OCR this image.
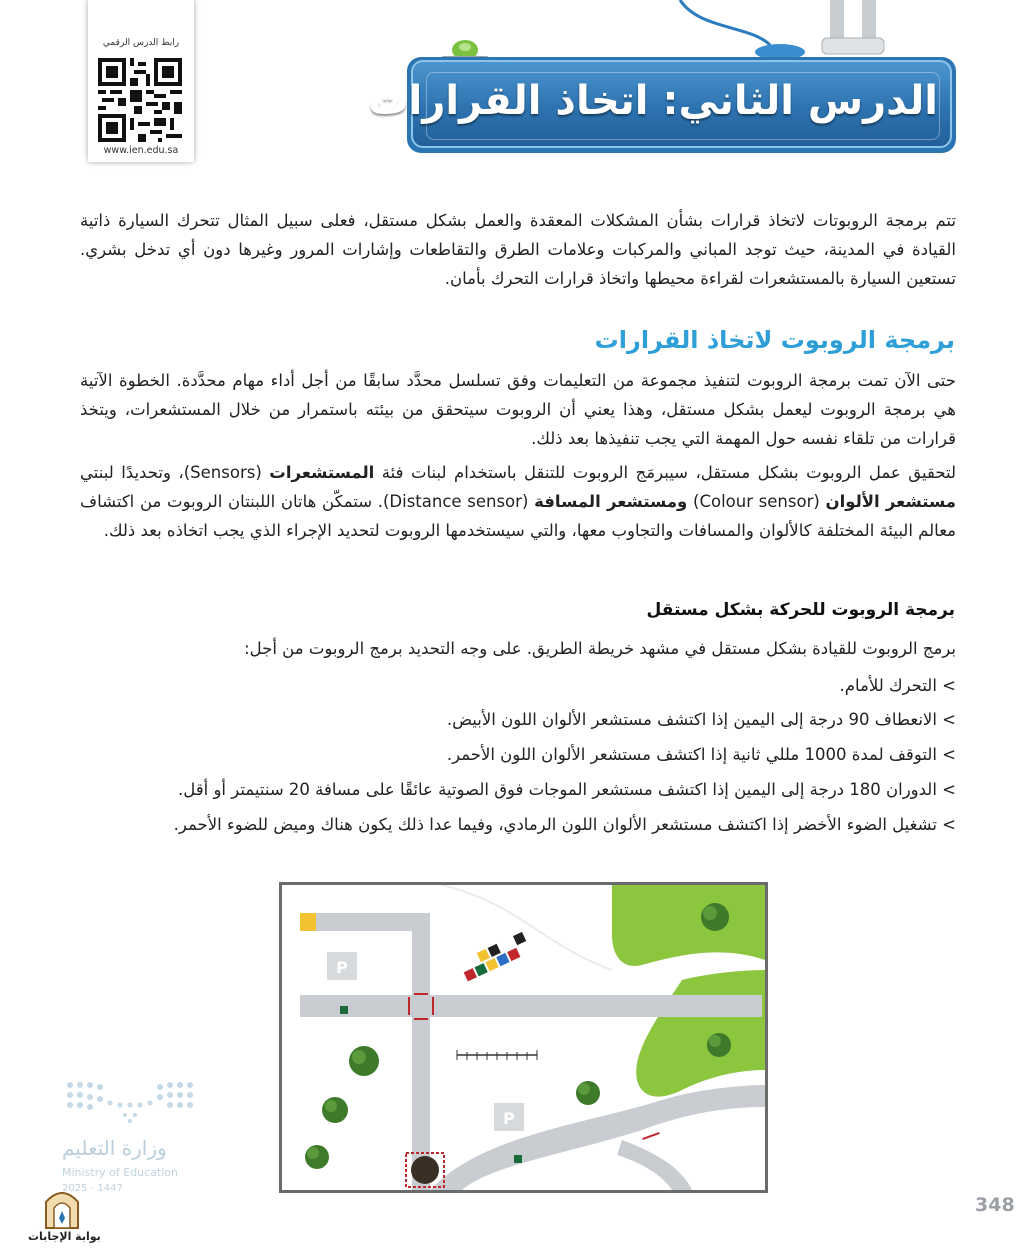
رابط الدرس الرقمي
www.ien.edu.sa
الدرس الثاني: اتخاذ القرارات
تتم برمجة الروبوتات لاتخاذ قرارات بشأن المشكلات المعقدة والعمل بشكل مستقل، فعلى سبيل المثال تتحرك السيارة ذاتية القيادة في المدينة، حيث توجد المباني والمركبات وعلامات الطرق والتقاطعات وإشارات المرور وغيرها دون أي تدخل بشري. تستعين السيارة بالمستشعرات لقراءة محيطها واتخاذ قرارات التحرك بأمان.
برمجة الروبوت لاتخاذ القرارات
حتى الآن تمت برمجة الروبوت لتنفيذ مجموعة من التعليمات وفق تسلسل محدَّد سابقًا من أجل أداء مهام محدَّدة. الخطوة الآتية هي برمجة الروبوت ليعمل بشكل مستقل، وهذا يعني أن الروبوت سيتحقق من بيئته باستمرار من خلال المستشعرات، ويتخذ قرارات من تلقاء نفسه حول المهمة التي يجب تنفيذها بعد ذلك.
لتحقيق عمل الروبوت بشكل مستقل، سيبرمَج الروبوت للتنقل باستخدام لبنات فئة المستشعرات (Sensors)، وتحديدًا لبنتي مستشعر الألوان (Colour sensor) ومستشعر المسافة (Distance sensor). ستمكّن هاتان اللبنتان الروبوت من اكتشاف معالم البيئة المختلفة كالألوان والمسافات والتجاوب معها، والتي سيستخدمها الروبوت لتحديد الإجراء الذي يجب اتخاذه بعد ذلك.
برمجة الروبوت للحركة بشكل مستقل
برمج الروبوت للقيادة بشكل مستقل في مشهد خريطة الطريق. على وجه التحديد برمج الروبوت من أجل:
> التحرك للأمام.
> الانعطاف 90 درجة إلى اليمين إذا اكتشف مستشعر الألوان اللون الأبيض.
> التوقف لمدة 1000 مللي ثانية إذا اكتشف مستشعر الألوان اللون الأحمر.
> الدوران 180 درجة إلى اليمين إذا اكتشف مستشعر الموجات فوق الصوتية عائقًا على مسافة 20 سنتيمتر أو أقل.
> تشغيل الضوء الأخضر إذا اكتشف مستشعر الألوان اللون الرمادي، وفيما عدا ذلك يكون هناك وميض للضوء الأحمر.
P
P
وزارة التعليم
Ministry of Education
2025 - 1447
بوابة الإجابات
348
